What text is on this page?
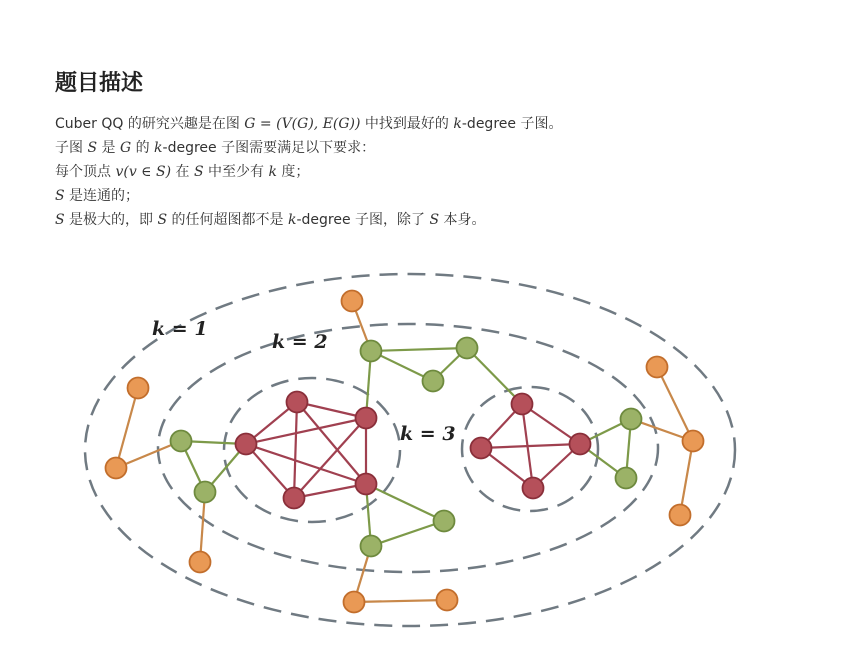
题目描述
Cuber QQ 的研究兴趣是在图 G = (V(G), E(G)) 中找到最好的 k-degree 子图。
子图 S 是 G 的 k-degree 子图需要满足以下要求：
每个顶点 v(v ∈ S) 在 S 中至少有 k 度；
S 是连通的；
S 是极大的，即 S 的任何超图都不是 k-degree 子图，除了 S 本身。
k = 1
k = 2
k = 3
